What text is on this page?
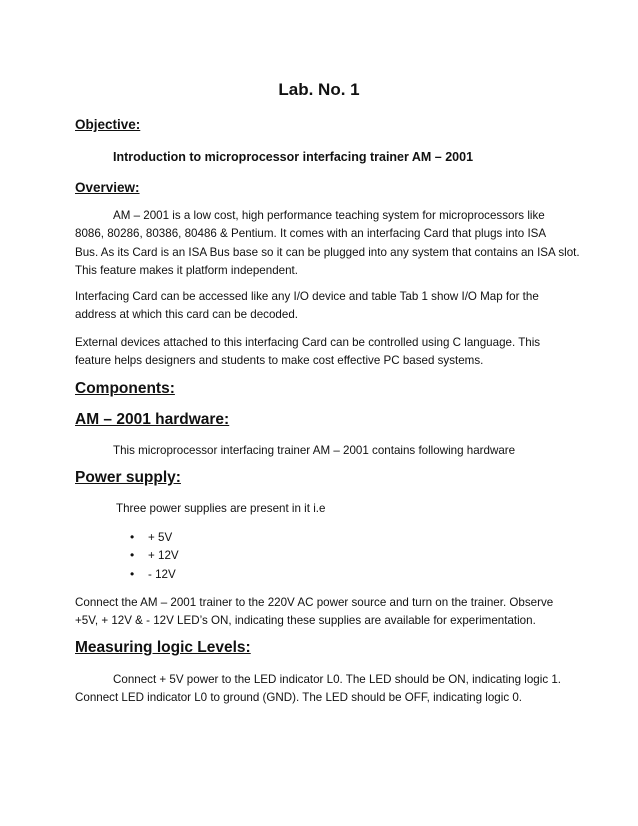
Lab. No. 1
Objective:
Introduction to microprocessor interfacing trainer AM – 2001
Overview:
AM – 2001 is a low cost, high performance teaching system for microprocessors like
8086, 80286, 80386, 80486 & Pentium. It comes with an interfacing Card that plugs into ISA
Bus. As its Card is an ISA Bus base so it can be plugged into any system that contains an ISA slot.
This feature makes it platform independent.
Interfacing Card can be accessed like any I/O device and table Tab 1 show I/O Map for the
address at which this card can be decoded.
External devices attached to this interfacing Card can be controlled using C language. This
feature helps designers and students to make cost effective PC based systems.
Components:
AM – 2001 hardware:
This microprocessor interfacing trainer AM – 2001 contains following hardware
Power supply:
Three power supplies are present in it i.e
• + 5V
• + 12V
• - 12V
Connect the AM – 2001 trainer to the 220V AC power source and turn on the trainer. Observe
+5V, + 12V & - 12V LED’s ON, indicating these supplies are available for experimentation.
Measuring logic Levels:
Connect + 5V power to the LED indicator L0. The LED should be ON, indicating logic 1.
Connect LED indicator L0 to ground (GND). The LED should be OFF, indicating logic 0.
